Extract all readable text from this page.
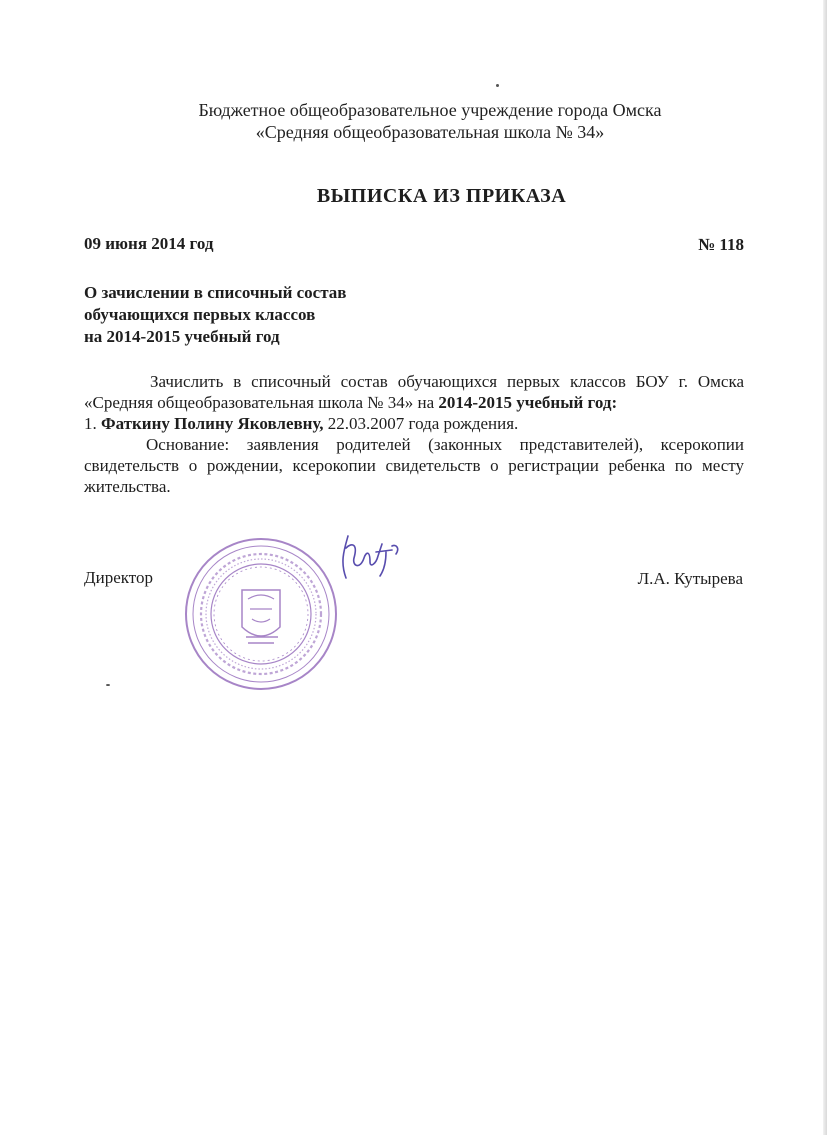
Бюджетное общеобразовательное учреждение города Омска
«Средняя общеобразовательная школа № 34»
ВЫПИСКА ИЗ ПРИКАЗА
09 июня 2014 год	№ 118
О зачислении в списочный состав
обучающихся первых классов
на 2014-2015 учебный год

Зачислить в списочный состав обучающихся первых классов БОУ г. Омска «Средняя общеобразовательная школа № 34» на 2014-2015 учебный год:

1. Фаткину Полину Яковлевну, 22.03.2007 года рождения.

Основание: заявления родителей (законных представителей), ксерокопии свидетельств о рождении, ксерокопии свидетельств о регистрации ребенка по месту жительства.

Директор	Л.А. Кутырева
